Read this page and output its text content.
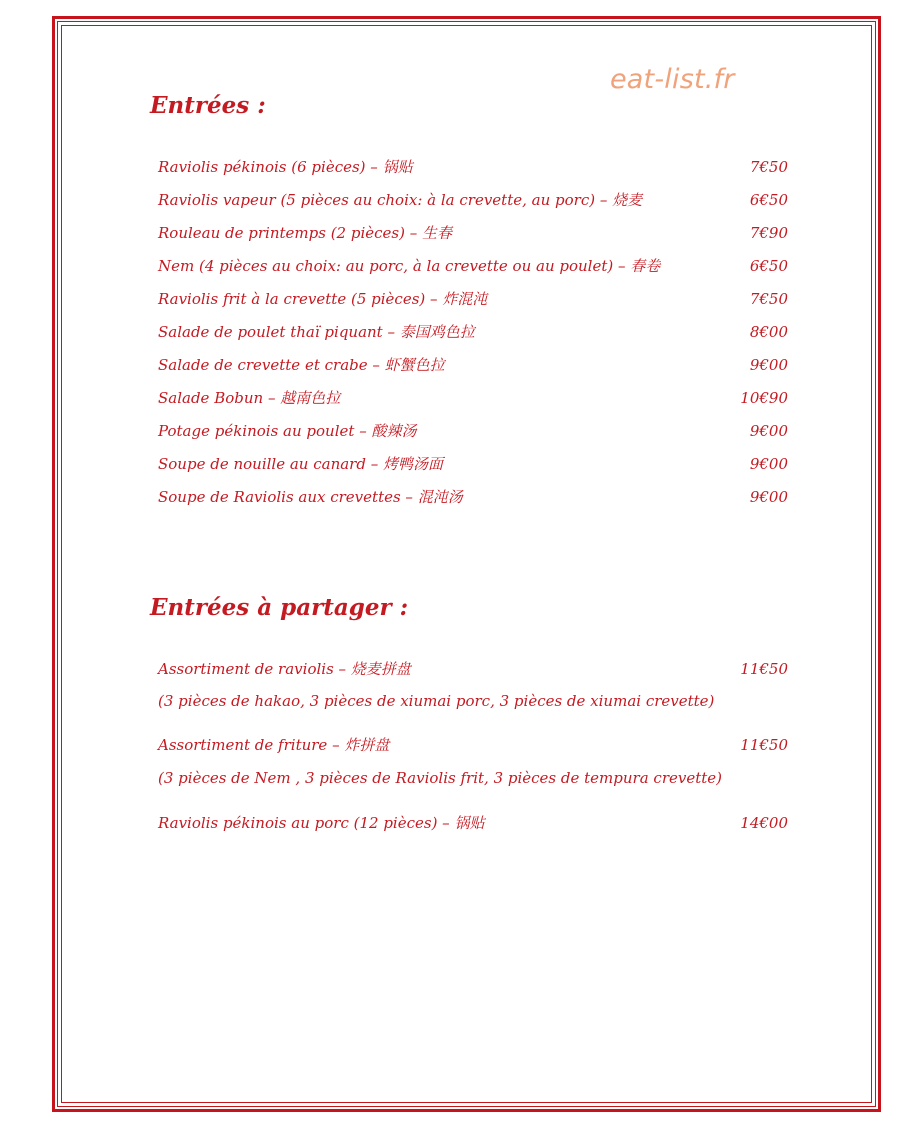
eat-list.fr
Entrées :
Raviolis pékinois (6 pièces) – 锅贴	7€50
Raviolis vapeur (5 pièces au choix: à la crevette, au porc) – 烧麦	6€50
Rouleau de printemps (2 pièces) – 生春	7€90
Nem (4 pièces au choix: au porc, à la crevette ou au poulet) – 春卷	6€50
Raviolis frit à la crevette (5 pièces) – 炸混沌	7€50
Salade de poulet thaï piquant – 泰国鸡色拉	8€00
Salade de crevette et crabe – 虾蟹色拉	9€00
Salade Bobun – 越南色拉	10€90
Potage pékinois au poulet – 酸辣汤	9€00
Soupe de nouille au canard – 烤鸭汤面	9€00
Soupe de Raviolis aux crevettes – 混沌汤	9€00
Entrées à partager :
Assortiment de raviolis – 烧麦拼盘	11€50
(3 pièces de hakao, 3 pièces de xiumai porc, 3 pièces de xiumai crevette)
Assortiment de friture – 炸拼盘	11€50
(3 pièces de Nem , 3 pièces de Raviolis frit, 3 pièces de tempura crevette)
Raviolis pékinois au porc (12 pièces) – 锅贴	14€00
